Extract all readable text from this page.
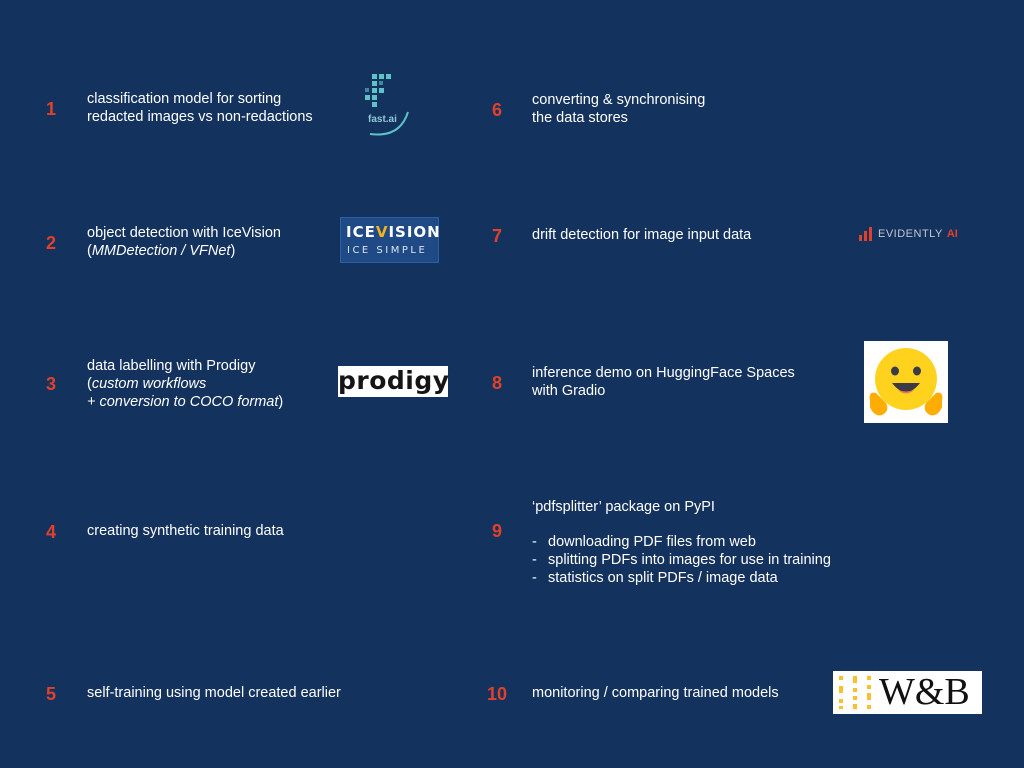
1	classification model for sorting
redacted images vs non-redactions
2	object detection with IceVision
(MMDetection / VFNet)
3
data labelling with Prodigy
(custom workflows
+ conversion to COCO format)
4	creating synthetic training data
5	self-training using model created earlier
6	converting & synchronising
the data stores
7	drift detection for image input data
8	inference demo on HuggingFace Spaces
with Gradio
9
‘pdfsplitter’ package on PyPI
- downloading PDF files from web
- splitting PDFs into images for use in training
- statistics on split PDFs / image data
10	monitoring / comparing trained models
fast.ai
ICEVISION
ICE SIMPLE
prodigy
EVIDENTLY AI
W&B
